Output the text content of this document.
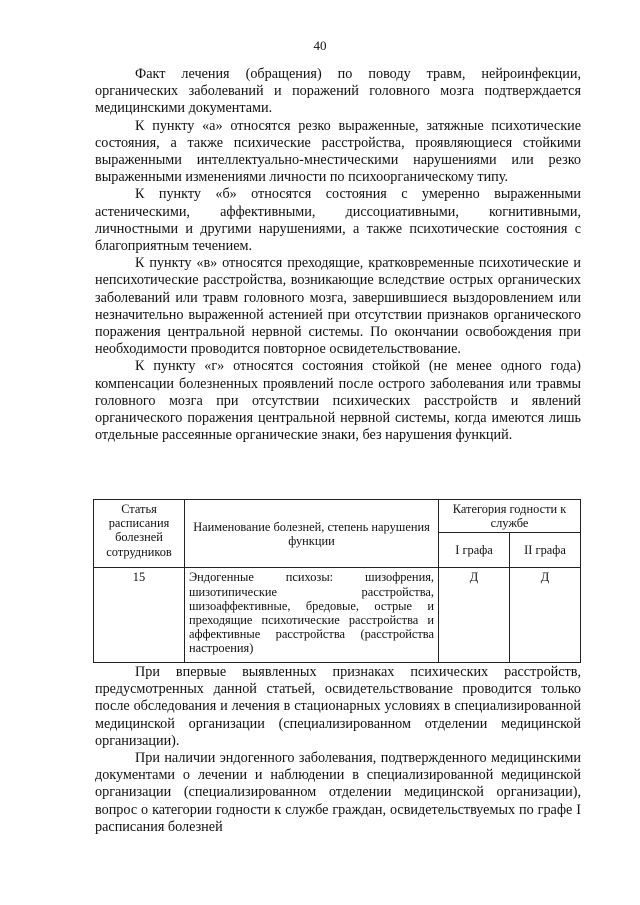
40

Факт лечения (обращения) по поводу травм, нейроинфекции, органических заболеваний и поражений головного мозга подтверждается медицинскими документами.

К пункту «а» относятся резко выраженные, затяжные психотические состояния, а также психические расстройства, проявляющиеся стойкими выраженными интеллектуально-мнестическими нарушениями или резко выраженными изменениями личности по психоорганическому типу.

К пункту «б» относятся состояния с умеренно выраженными астеническими, аффективными, диссоциативными, когнитивными, личностными и другими нарушениями, а также психотические состояния с благоприятным течением.

К пункту «в» относятся преходящие, кратковременные психотические и непсихотические расстройства, возникающие вследствие острых органических заболеваний или травм головного мозга, завершившиеся выздоровлением или незначительно выраженной астенией при отсутствии признаков органического поражения центральной нервной системы. По окончании освобождения при необходимости проводится повторное освидетельствование.

К пункту «г» относятся состояния стойкой (не менее одного года) компенсации болезненных проявлений после острого заболевания или травмы головного мозга при отсутствии психических расстройств и явлений органического поражения центральной нервной системы, когда имеются лишь отдельные рассеянные органические знаки, без нарушения функций.

Статья расписания болезней сотрудников	Наименование болезней, степень нарушения функции	Категория годности к службе	
		I графа	II графа
15	Эндогенные психозы: шизофрения, шизотипические расстройства, шизоаффективные, бредовые, острые и преходящие психотические расстройства и аффективные расстройства (расстройства настроения)	Д	Д

При впервые выявленных признаках психических расстройств, предусмотренных данной статьей, освидетельствование проводится только после обследования и лечения в стационарных условиях в специализированной медицинской организации (специализированном отделении медицинской организации).

При наличии эндогенного заболевания, подтвержденного медицинскими документами о лечении и наблюдении в специализированной медицинской организации (специализированном отделении медицинской организации), вопрос о категории годности к службе граждан, освидетельствуемых по графе I расписания болезней
